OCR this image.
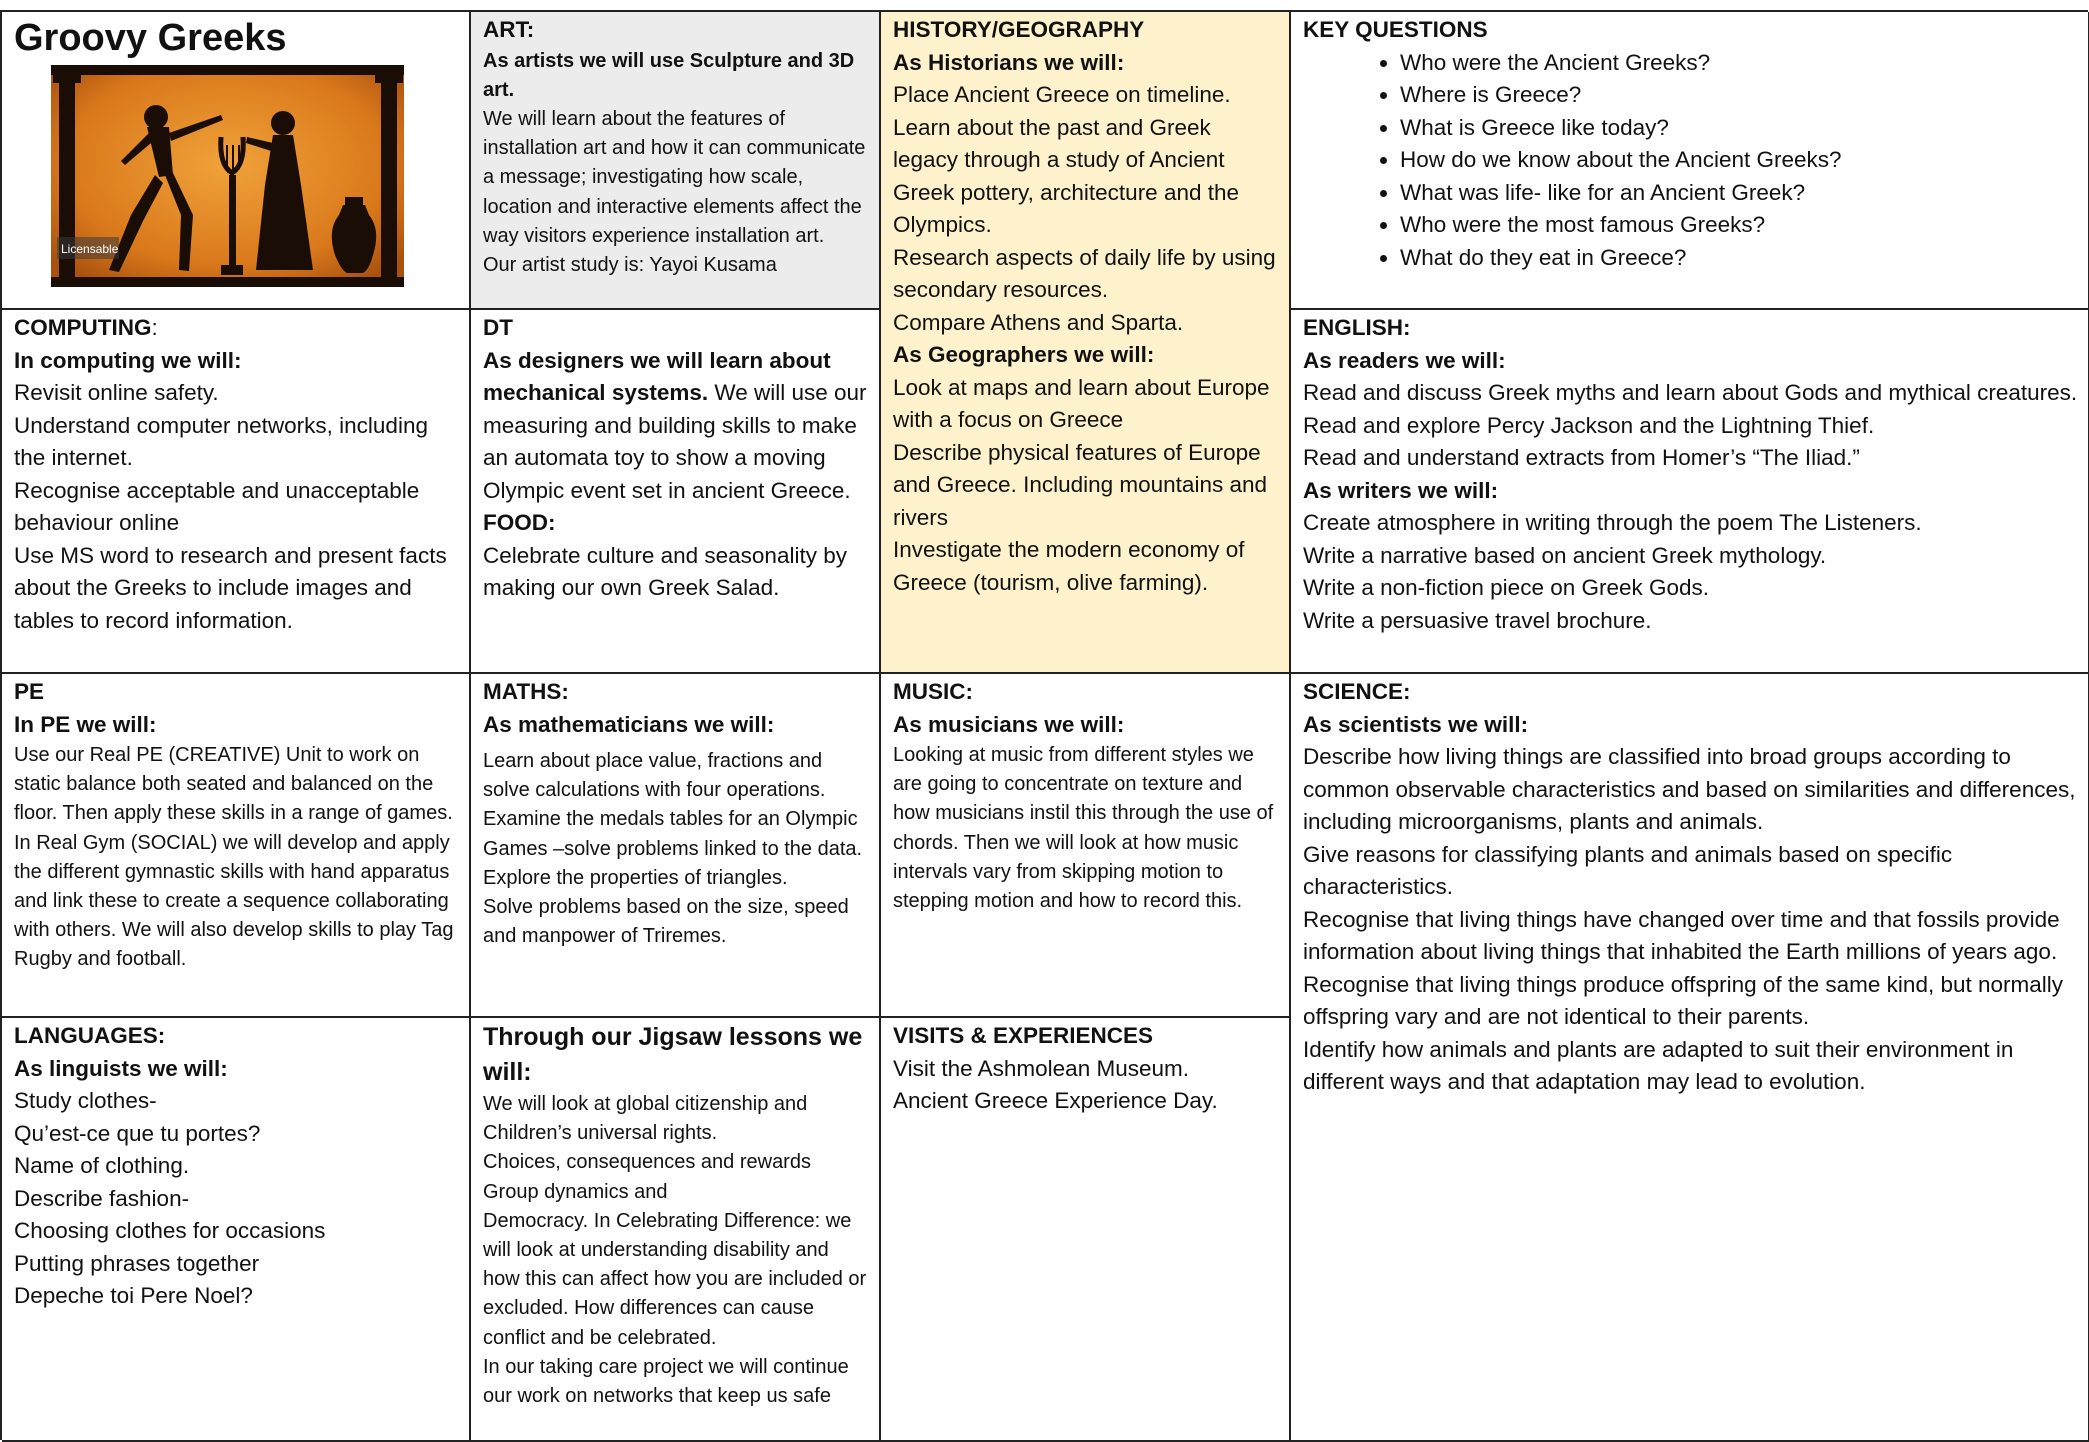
Groovy Greeks
Licensable
ART:
As artists we will use Sculpture and 3D art.
We will learn about the features of installation art and how it can communicate a message; investigating how scale, location and interactive elements affect the way visitors experience installation art.
Our artist study is: Yayoi Kusama
HISTORY/GEOGRAPHY
As Historians we will:
Place Ancient Greece on timeline.
Learn about the past and Greek legacy through a study of Ancient Greek pottery, architecture and the Olympics.
Research aspects of daily life by using secondary resources.
Compare Athens and Sparta.
As Geographers we will:
Look at maps and learn about Europe with a focus on Greece
Describe physical features of Europe and Greece. Including mountains and rivers
Investigate the modern economy of Greece (tourism, olive farming).
KEY QUESTIONS
• Who were the Ancient Greeks?
• Where is Greece?
• What is Greece like today?
• How do we know about the Ancient Greeks?
• What was life- like for an Ancient Greek?
• Who were the most famous Greeks?
• What do they eat in Greece?
COMPUTING:
In computing we will:
Revisit online safety.
Understand computer networks, including the internet.
Recognise acceptable and unacceptable behaviour online
Use MS word to research and present facts about the Greeks to include images and tables to record information.
DT
As designers we will learn about mechanical systems. We will use our measuring and building skills to make an automata toy to show a moving Olympic event set in ancient Greece.
FOOD:
Celebrate culture and seasonality by making our own Greek Salad.
ENGLISH:
As readers we will:
Read and discuss Greek myths and learn about Gods and mythical creatures.
Read and explore Percy Jackson and the Lightning Thief.
Read and understand extracts from Homer’s “The Iliad.”
As writers we will:
Create atmosphere in writing through the poem The Listeners.
Write a narrative based on ancient Greek mythology.
Write a non-fiction piece on Greek Gods.
Write a persuasive travel brochure.
PE
In PE we will:
Use our Real PE (CREATIVE) Unit to work on static balance both seated and balanced on the floor. Then apply these skills in a range of games. In Real Gym (SOCIAL) we will develop and apply the different gymnastic skills with hand apparatus and link these to create a sequence collaborating with others. We will also develop skills to play Tag Rugby and football.
MATHS:
As mathematicians we will:
Learn about place value, fractions and solve calculations with four operations.
Examine the medals tables for an Olympic Games –solve problems linked to the data.
Explore the properties of triangles.
Solve problems based on the size, speed and manpower of Triremes.
MUSIC:
As musicians we will:
Looking at music from different styles we are going to concentrate on texture and how musicians instil this through the use of chords. Then we will look at how music intervals vary from skipping motion to stepping motion and how to record this.
SCIENCE:
As scientists we will:
Describe how living things are classified into broad groups according to common observable characteristics and based on similarities and differences, including microorganisms, plants and animals.
Give reasons for classifying plants and animals based on specific characteristics.
Recognise that living things have changed over time and that fossils provide information about living things that inhabited the Earth millions of years ago.
Recognise that living things produce offspring of the same kind, but normally offspring vary and are not identical to their parents.
Identify how animals and plants are adapted to suit their environment in different ways and that adaptation may lead to evolution.
LANGUAGES:
As linguists we will:
Study clothes-
Qu’est-ce que tu portes?
Name of clothing.
Describe fashion-
Choosing clothes for occasions
Putting phrases together
Depeche toi Pere Noel?
Through our Jigsaw lessons we will:
We will look at global citizenship and Children’s universal rights.
Choices, consequences and rewards
Group dynamics and
Democracy. In Celebrating Difference: we will look at understanding disability and how this can affect how you are included or excluded. How differences can cause conflict and be celebrated.
In our taking care project we will continue our work on networks that keep us safe
VISITS & EXPERIENCES
Visit the Ashmolean Museum.
Ancient Greece Experience Day.
